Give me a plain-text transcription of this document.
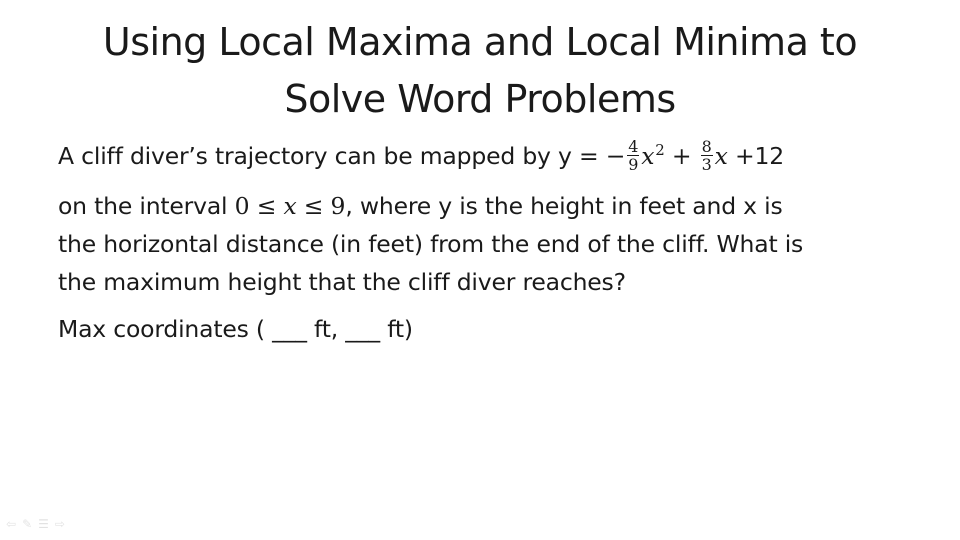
Using Local Maxima and Local Minima to
Solve Word Problems
A cliff diver’s trajectory can be mapped by y = − $\frac{4}{9} x^2 + \frac{8}{3}$ x +12
on the interval 0 ≤ x ≤ 9, where y is the height in feet and x is
the horizontal distance (in feet) from the end of the cliff. What is
the maximum height that the cliff diver reaches?
Max coordinates ( ___ ft, ___ ft)
⇦ ✎ ☰ ⇨
